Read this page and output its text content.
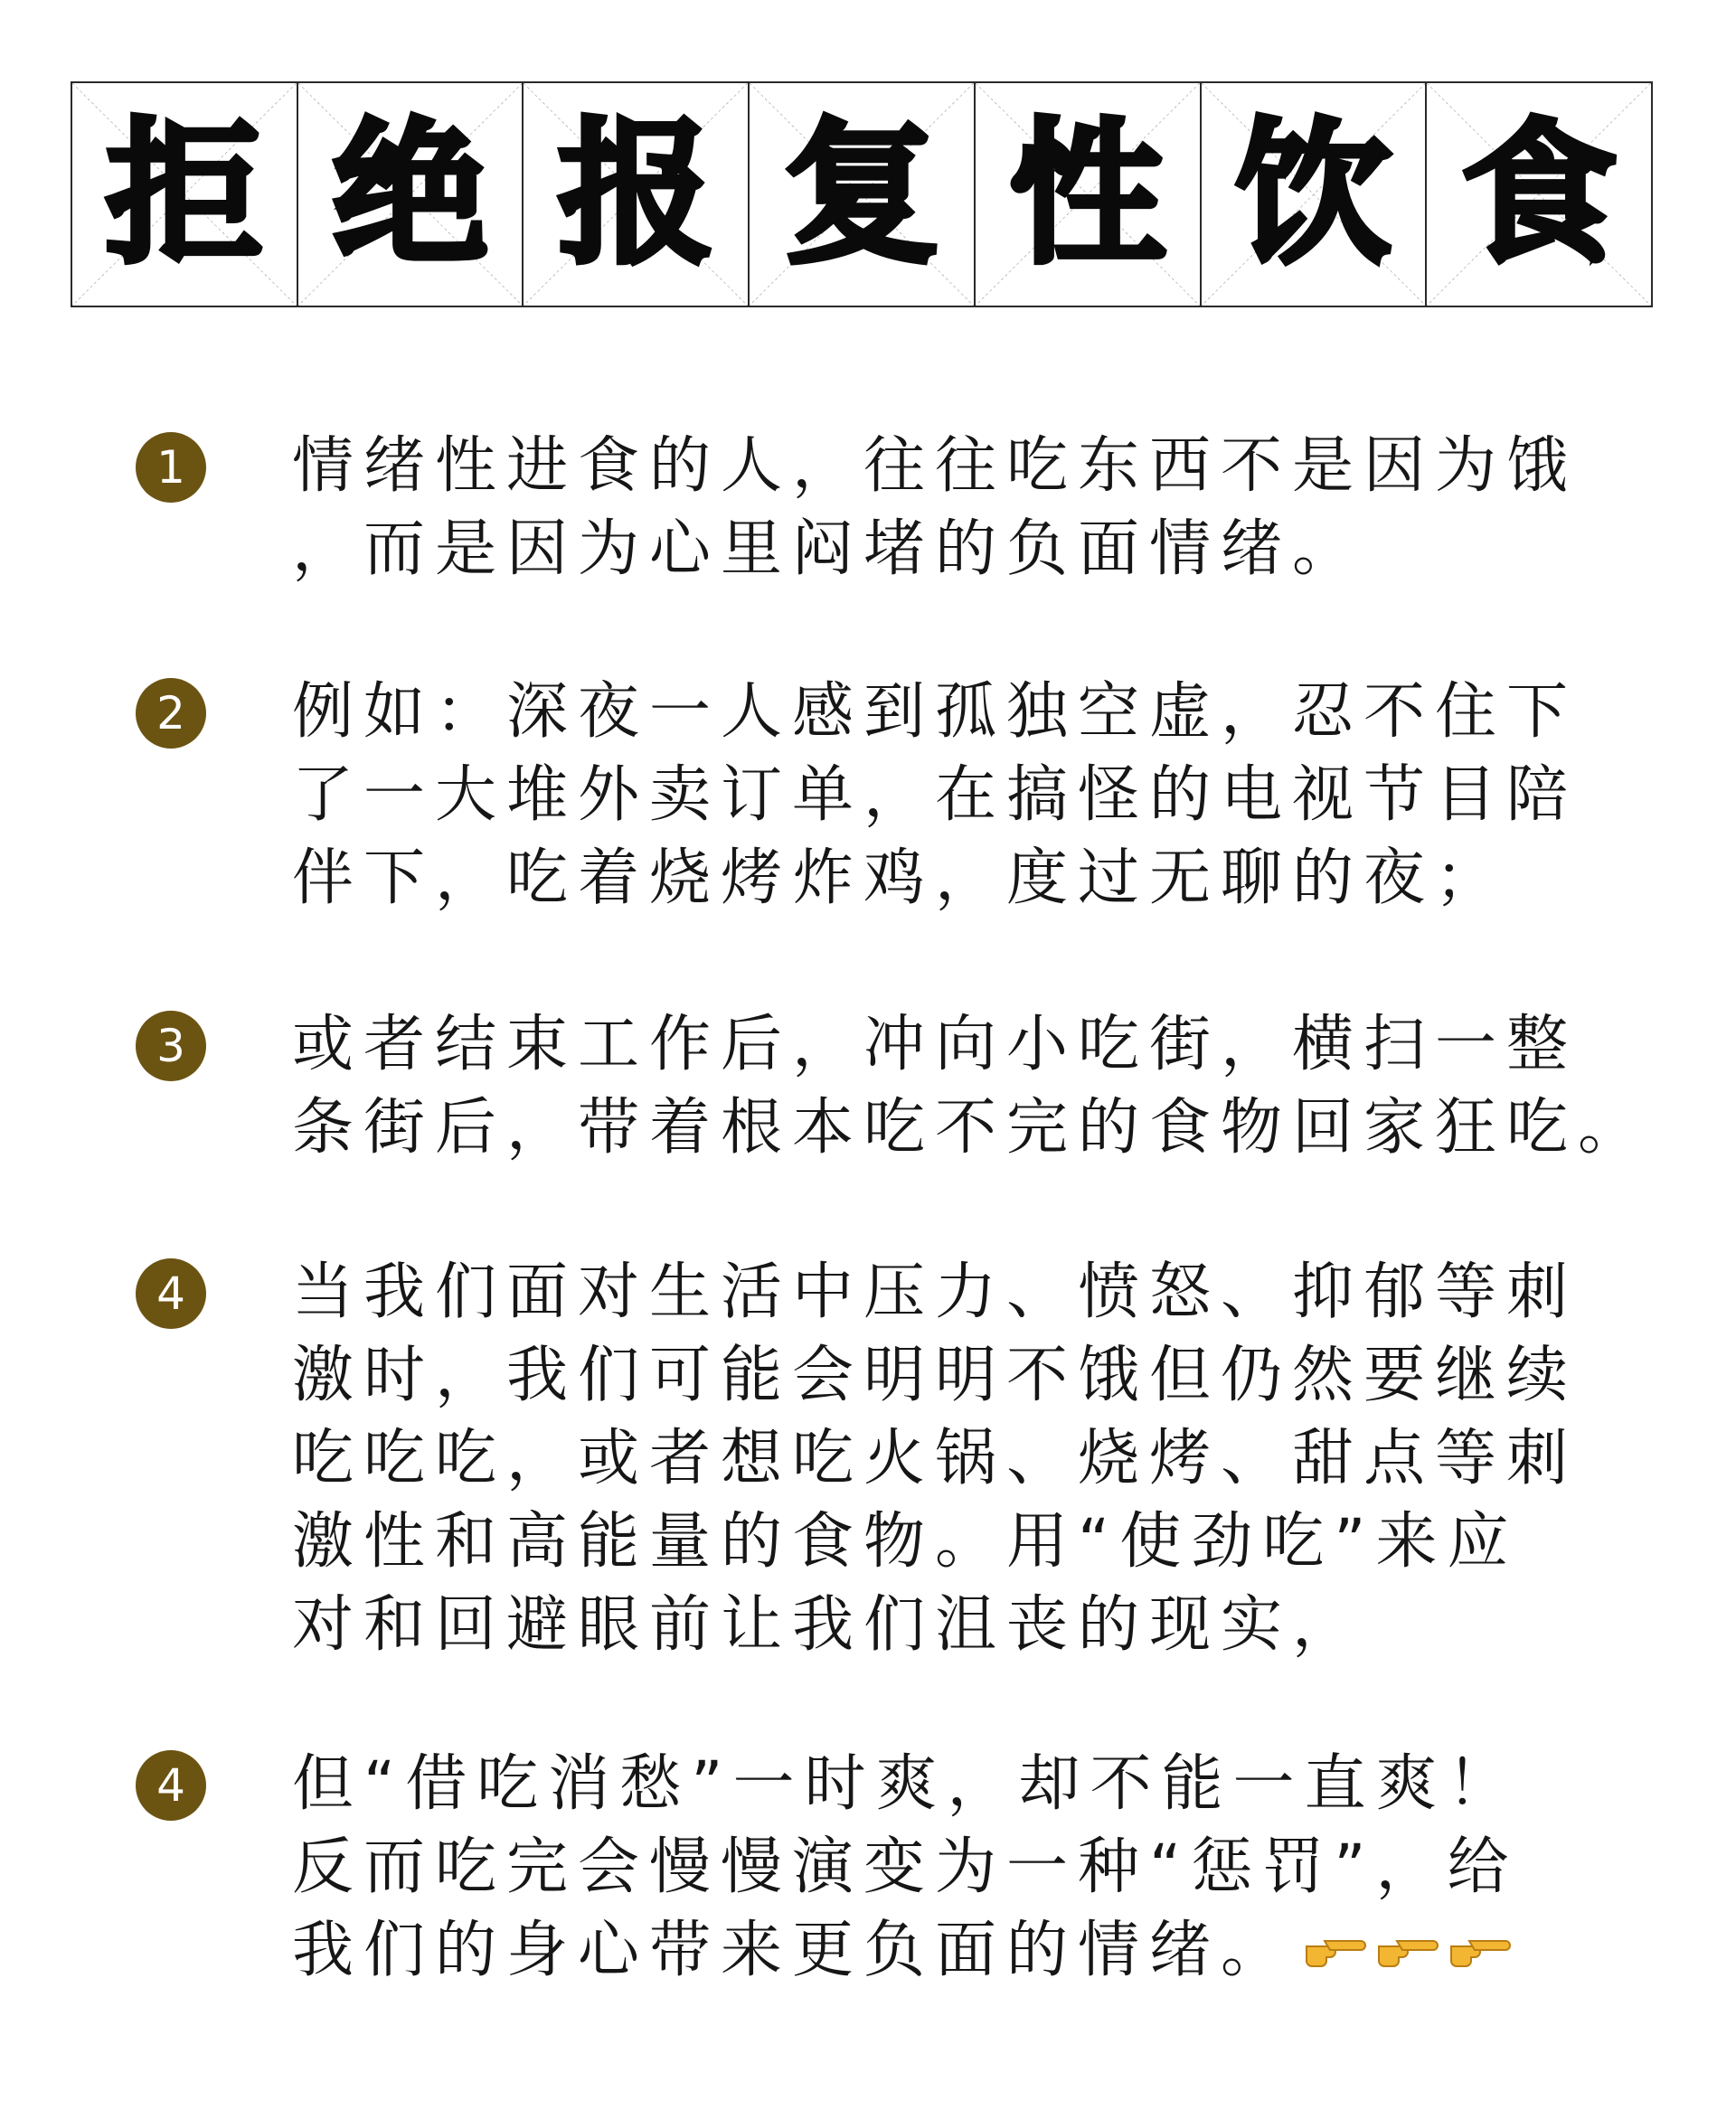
拒 绝 报 复 性 饮 食
1	情绪性进食的人，往往吃东西不是因为饿
，而是因为心里闷堵的负面情绪。

2	例如：深夜一人感到孤独空虚，忍不住下
了一大堆外卖订单，在搞怪的电视节目陪
伴下，吃着烧烤炸鸡，度过无聊的夜；

3	或者结束工作后，冲向小吃街，横扫一整
条街后，带着根本吃不完的食物回家狂吃。

4	当我们面对生活中压力、愤怒、抑郁等刺
激时，我们可能会明明不饿但仍然要继续
吃吃吃，或者想吃火锅、烧烤、甜点等刺
激性和高能量的食物。用“使劲吃”来应
对和回避眼前让我们沮丧的现实，

4	但“借吃消愁”一时爽，却不能一直爽！
反而吃完会慢慢演变为一种“惩罚”，给
我们的身心带来更负面的情绪。
